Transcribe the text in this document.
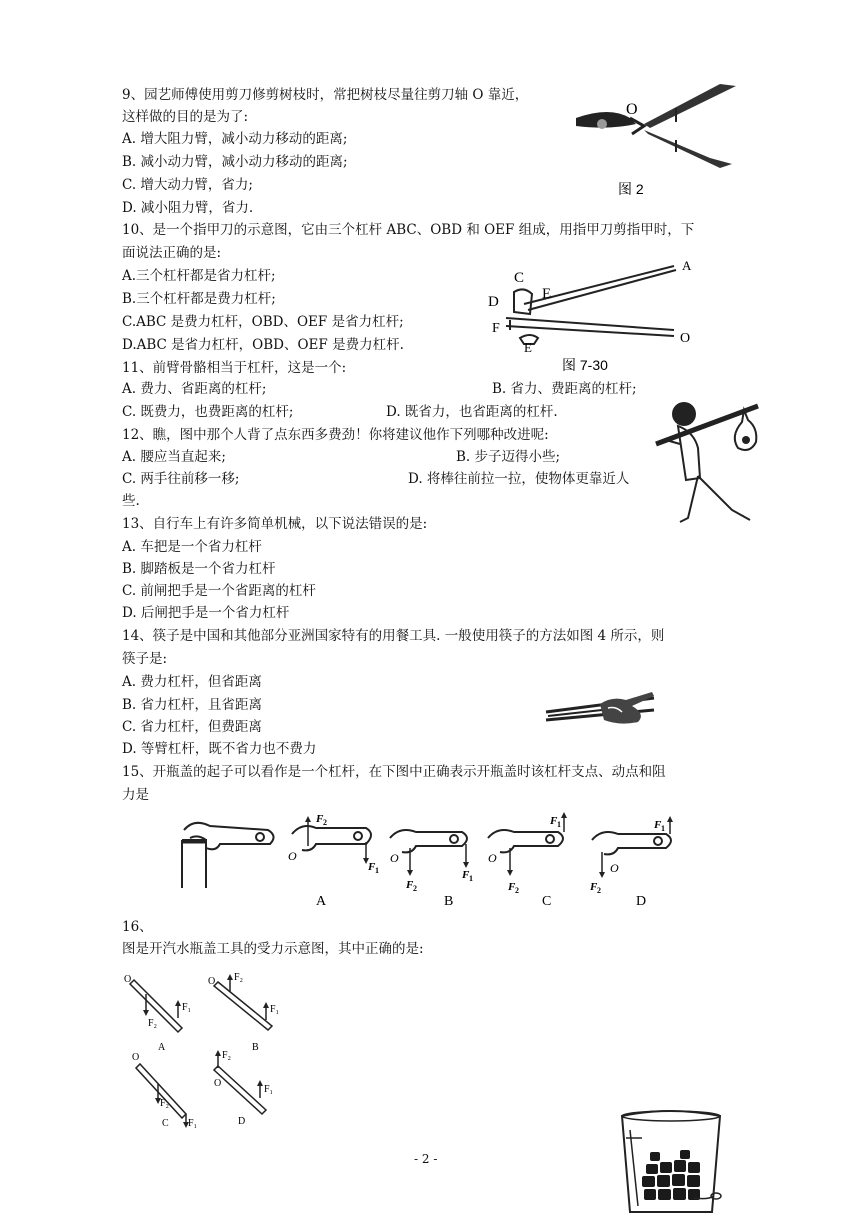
9、园艺师傅使用剪刀修剪树枝时，常把树枝尽量往剪刀轴 O 靠近，
这样做的目的是为了:
A. 增大阻力臂，减小动力移动的距离;
B. 减小动力臂，减小动力移动的距离;
C. 增大动力臂，省力;
D. 减小阻力臂，省力.
O
图 2
10、是一个指甲刀的示意图，它由三个杠杆 ABC、OBD 和 OEF 组成，用指甲刀剪指甲时，下
面说法正确的是:
A.三个杠杆都是省力杠杆;
B.三个杠杆都是费力杠杆;
C.ABC 是费力杠杆，OBD、OEF 是省力杠杆;
D.ABC 是省力杠杆，OBD、OEF 是费力杠杆.
A
C
E
D
F
E
O
图 7-30
11、前臂骨骼相当于杠杆，这是一个:
A. 费力、省距离的杠杆;	B. 省力、费距离的杠杆;
C. 既费力，也费距离的杠杆;	D. 既省力，也省距离的杠杆.
12、瞧，图中那个人背了点东西多费劲！你将建议他作下列哪种改进呢:
A. 腰应当直起来;	B. 步子迈得小些;
C. 两手往前移一移;	D. 将棒往前拉一拉，使物体更靠近人
些.
13、自行车上有许多简单机械，以下说法错误的是:
A. 车把是一个省力杠杆
B. 脚踏板是一个省力杠杆
C. 前闸把手是一个省距离的杠杆
D. 后闸把手是一个省力杠杆
14、筷子是中国和其他部分亚洲国家特有的用餐工具. 一般使用筷子的方法如图 4 所示，则
筷子是:
A. 费力杠杆，但省距离
B. 省力杠杆，且省距离
C. 省力杠杆，但费距离
D. 等臂杠杆，既不省力也不费力
15、开瓶盖的起子可以看作是一个杠杆，在下图中正确表示开瓶盖时该杠杆支点、动点和阻
力是
F 2
O
F 1
O
F 2
F 1
O
F 2
F 1
O
F 2
F 1
A	B	C	D
16、
图是开汽水瓶盖工具的受力示意图，其中正确的是:
O
F₂
F₁
A
O F₂
F₁
B
O
F₂
F₁
C
F₂
O
F₁
D
- 2 -
